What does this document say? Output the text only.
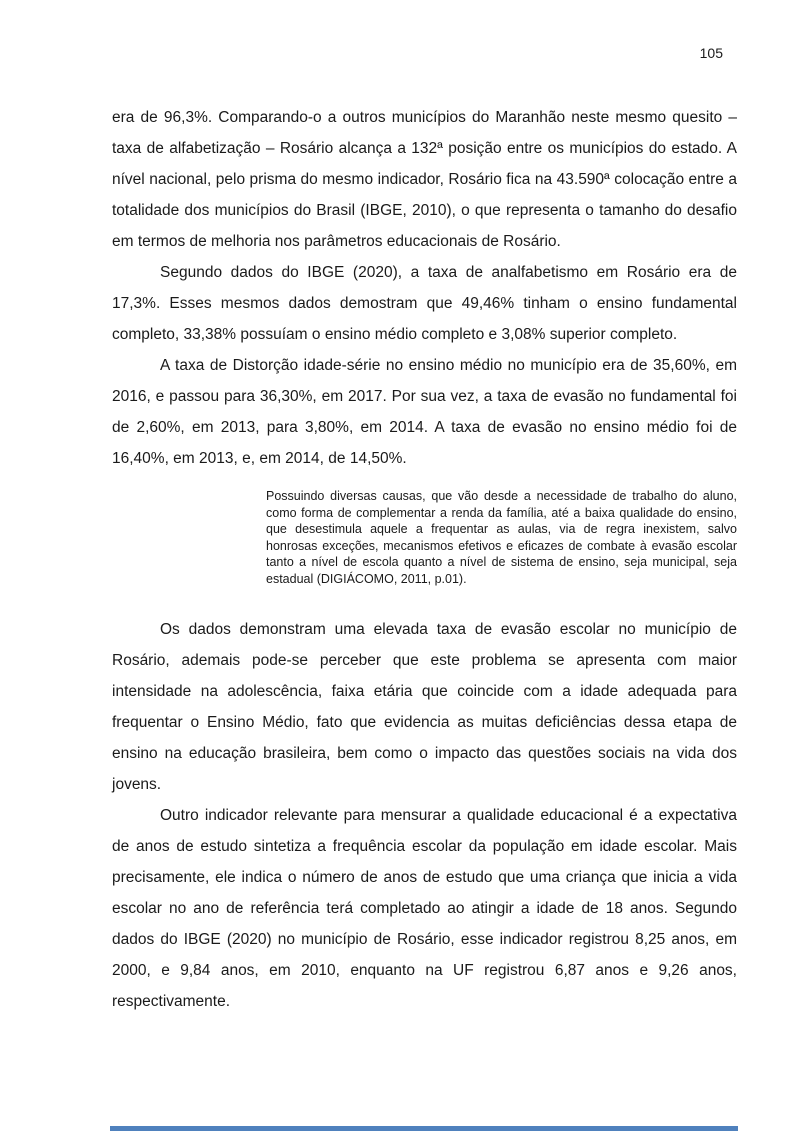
105

era de 96,3%. Comparando-o a outros municípios do Maranhão neste mesmo quesito – taxa de alfabetização – Rosário alcança a 132ª posição entre os municípios do estado. A nível nacional, pelo prisma do mesmo indicador, Rosário fica na 43.590ª colocação entre a totalidade dos municípios do Brasil (IBGE, 2010), o que representa o tamanho do desafio em termos de melhoria nos parâmetros educacionais de Rosário.

Segundo dados do IBGE (2020), a taxa de analfabetismo em Rosário era de 17,3%. Esses mesmos dados demostram que 49,46% tinham o ensino fundamental completo, 33,38% possuíam o ensino médio completo e 3,08% superior completo.

A taxa de Distorção idade-série no ensino médio no município era de 35,60%, em 2016, e passou para 36,30%, em 2017. Por sua vez, a taxa de evasão no fundamental foi de 2,60%, em 2013, para 3,80%, em 2014. A taxa de evasão no ensino médio foi de 16,40%, em 2013, e, em 2014, de 14,50%.

Possuindo diversas causas, que vão desde a necessidade de trabalho do aluno, como forma de complementar a renda da família, até a baixa qualidade do ensino, que desestimula aquele a frequentar as aulas, via de regra inexistem, salvo honrosas exceções, mecanismos efetivos e eficazes de combate à evasão escolar tanto a nível de escola quanto a nível de sistema de ensino, seja municipal, seja estadual (DIGIÁCOMO, 2011, p.01).

Os dados demonstram uma elevada taxa de evasão escolar no município de Rosário, ademais pode-se perceber que este problema se apresenta com maior intensidade na adolescência, faixa etária que coincide com a idade adequada para frequentar o Ensino Médio, fato que evidencia as muitas deficiências dessa etapa de ensino na educação brasileira, bem como o impacto das questões sociais na vida dos jovens.

Outro indicador relevante para mensurar a qualidade educacional é a expectativa de anos de estudo sintetiza a frequência escolar da população em idade escolar. Mais precisamente, ele indica o número de anos de estudo que uma criança que inicia a vida escolar no ano de referência terá completado ao atingir a idade de 18 anos. Segundo dados do IBGE (2020) no município de Rosário, esse indicador registrou 8,25 anos, em 2000, e 9,84 anos, em 2010, enquanto na UF registrou 6,87 anos e 9,26 anos, respectivamente.
